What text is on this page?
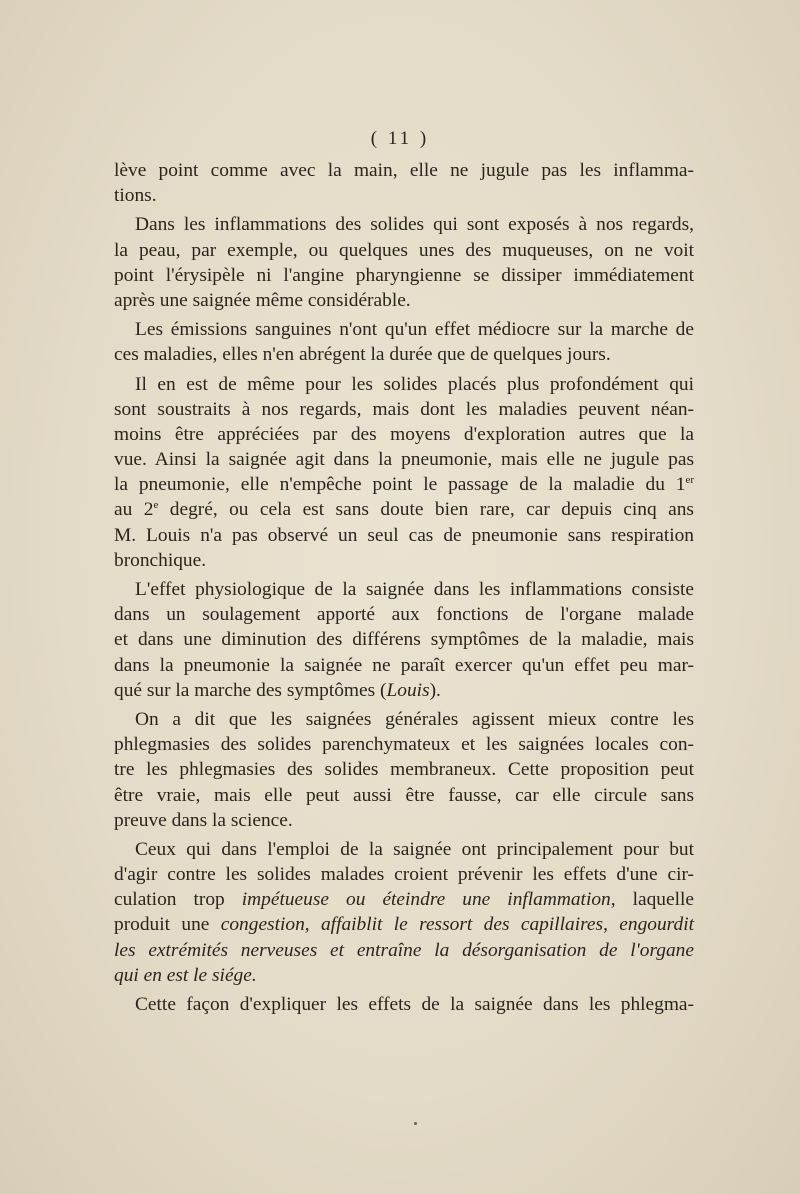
( 11 )
lève point comme avec la main, elle ne jugule pas les inflamma-
tions.
Dans les inflammations des solides qui sont exposés à nos regards,
la peau, par exemple, ou quelques unes des muqueuses, on ne voit
point l'érysipèle ni l'angine pharyngienne se dissiper immédiatement
après une saignée même considérable.
Les émissions sanguines n'ont qu'un effet médiocre sur la marche de
ces maladies, elles n'en abrégent la durée que de quelques jours.
Il en est de même pour les solides placés plus profondément qui
sont soustraits à nos regards, mais dont les maladies peuvent néan-
moins être appréciées par des moyens d'exploration autres que la
vue. Ainsi la saignée agit dans la pneumonie, mais elle ne jugule pas
la pneumonie, elle n'empêche point le passage de la maladie du 1er
au 2e degré, ou cela est sans doute bien rare, car depuis cinq ans
M. Louis n'a pas observé un seul cas de pneumonie sans respiration
bronchique.
L'effet physiologique de la saignée dans les inflammations consiste
dans un soulagement apporté aux fonctions de l'organe malade
et dans une diminution des différens symptômes de la maladie, mais
dans la pneumonie la saignée ne paraît exercer qu'un effet peu mar-
qué sur la marche des symptômes (Louis).
On a dit que les saignées générales agissent mieux contre les
phlegmasies des solides parenchymateux et les saignées locales con-
tre les phlegmasies des solides membraneux. Cette proposition peut
être vraie, mais elle peut aussi être fausse, car elle circule sans
preuve dans la science.
Ceux qui dans l'emploi de la saignée ont principalement pour but
d'agir contre les solides malades croient prévenir les effets d'une cir-
culation trop impétueuse ou éteindre une inflammation, laquelle
produit une congestion, affaiblit le ressort des capillaires, engourdit
les extrémités nerveuses et entraîne la désorganisation de l'organe
qui en est le siége.
Cette façon d'expliquer les effets de la saignée dans les phlegma-
